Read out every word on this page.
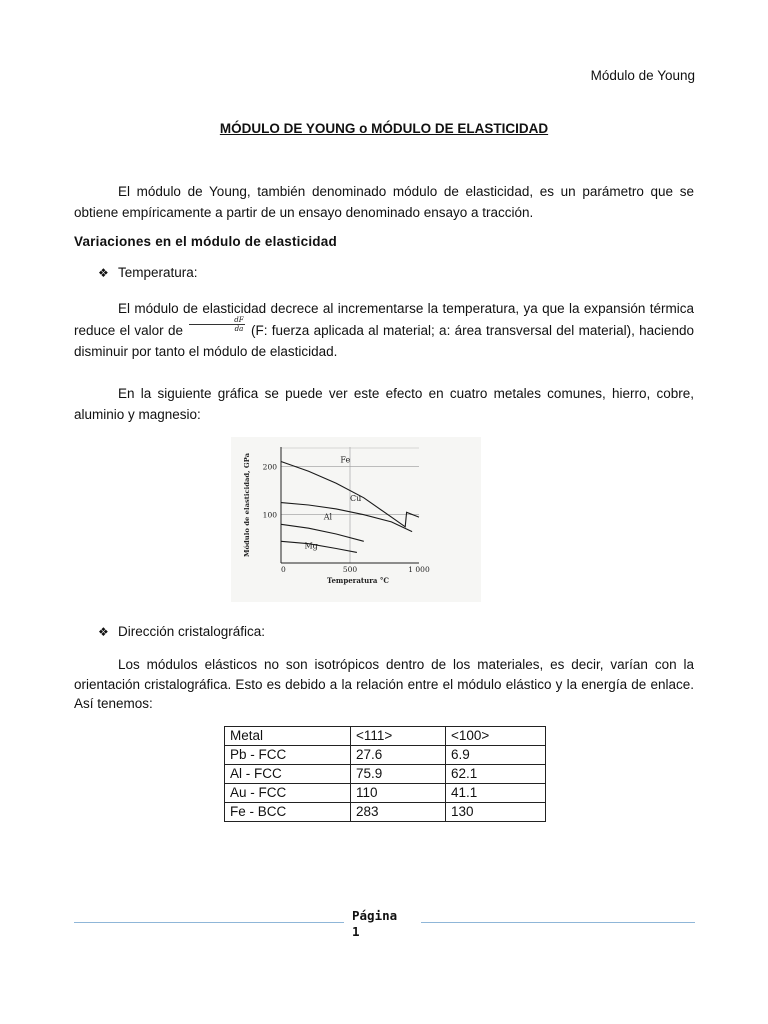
Módulo de Young
MÓDULO DE YOUNG o MÓDULO DE ELASTICIDAD
El módulo de Young, también denominado módulo de elasticidad, es un parámetro que se obtiene empíricamente a partir de un ensayo denominado ensayo a tracción.
Variaciones en el módulo de elasticidad
❖ Temperatura:
El módulo de elasticidad decrece al incrementarse la temperatura, ya que la expansión térmica reduce el valor de $\frac{dF}{da} (F$: fuerza aplicada al material; a: área transversal del material), haciendo disminuir por tanto el módulo de elasticidad.
En la siguiente gráfica se puede ver este efecto en cuatro metales comunes, hierro, cobre, aluminio y magnesio:
0	500	1 000
100
200
Temperatura °C
Módulo de elasticidad, GPa	Fe
Cu
Al
Mg
❖ Dirección cristalográfica:
Los módulos elásticos no son isotrópicos dentro de los materiales, es decir, varían con la orientación cristalográfica. Esto es debido a la relación entre el módulo elástico y la energía de enlace. Así tenemos:
Metal	<111>	<100>
Pb - FCC	27.6	6.9
Al - FCC	75.9	62.1
Au - FCC	110	41.1
Fe - BCC	283	130
Página
1
